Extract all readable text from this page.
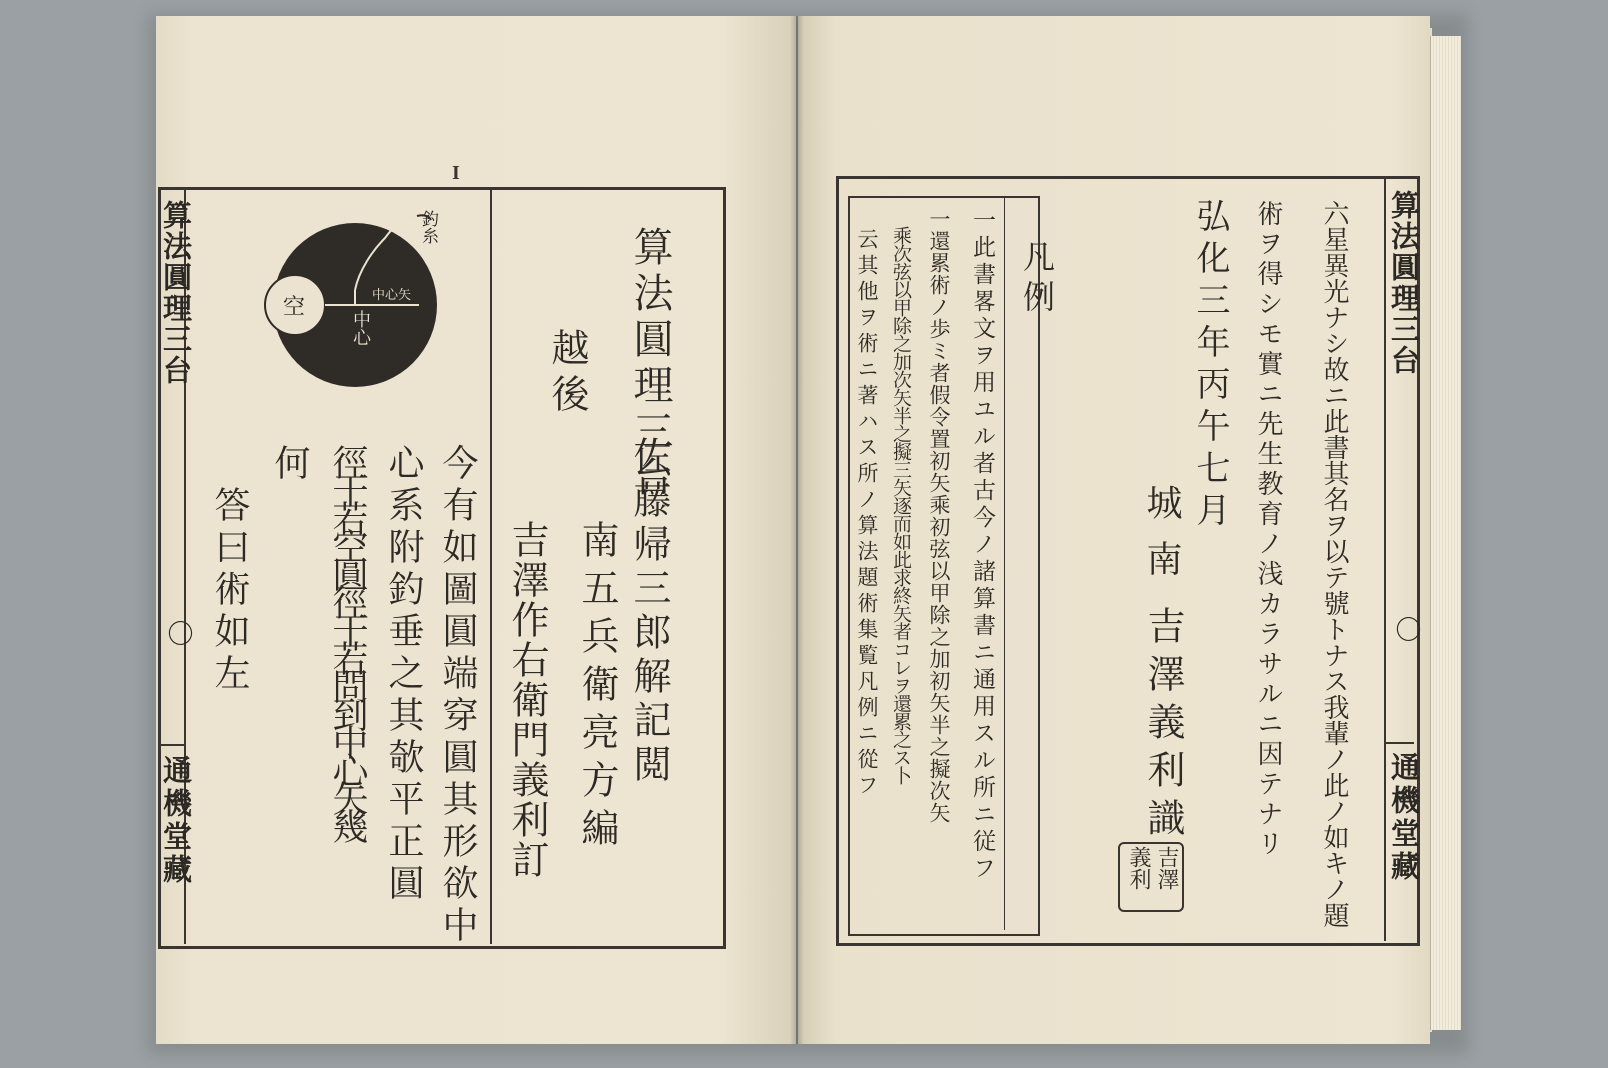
I
算法圓理三台
〇
通機堂藏
釣糸
空
中心
中心矢	算法圓理三台
越後
佐藤帰三郎解記閲
南五兵衛亮方編
吉澤作右衛門義利訂
今有如圖圓端穿圓其形欲中
心系附釣垂之其欹平正圓
徑干若空圓徑干若問到中心矢幾
何
答曰術如左
算法圓理三台
〇
通機堂藏
六星異光ナシ故ニ此書其名ヲ以テ號トナス我輩ノ此ノ如キノ題
術ヲ得シモ實ニ先生教育ノ浅カラサルニ因テナリ
弘化三年丙午七月
城南
吉澤義利識
吉澤義利
凡例
一此書畧文ヲ用ユル者古今ノ諸算書ニ通用スル所ニ従フ
一還累術ノ歩ミ者假令置初矢乘初弦以甲除之加初矢半之擬次矢
乘次弦以甲除之加次矢半之擬三矢逐而如此求終矢者コレヲ還累之ス卜
云其他ヲ術ニ著ハス所ノ算法題術集覧凡例ニ從フ
